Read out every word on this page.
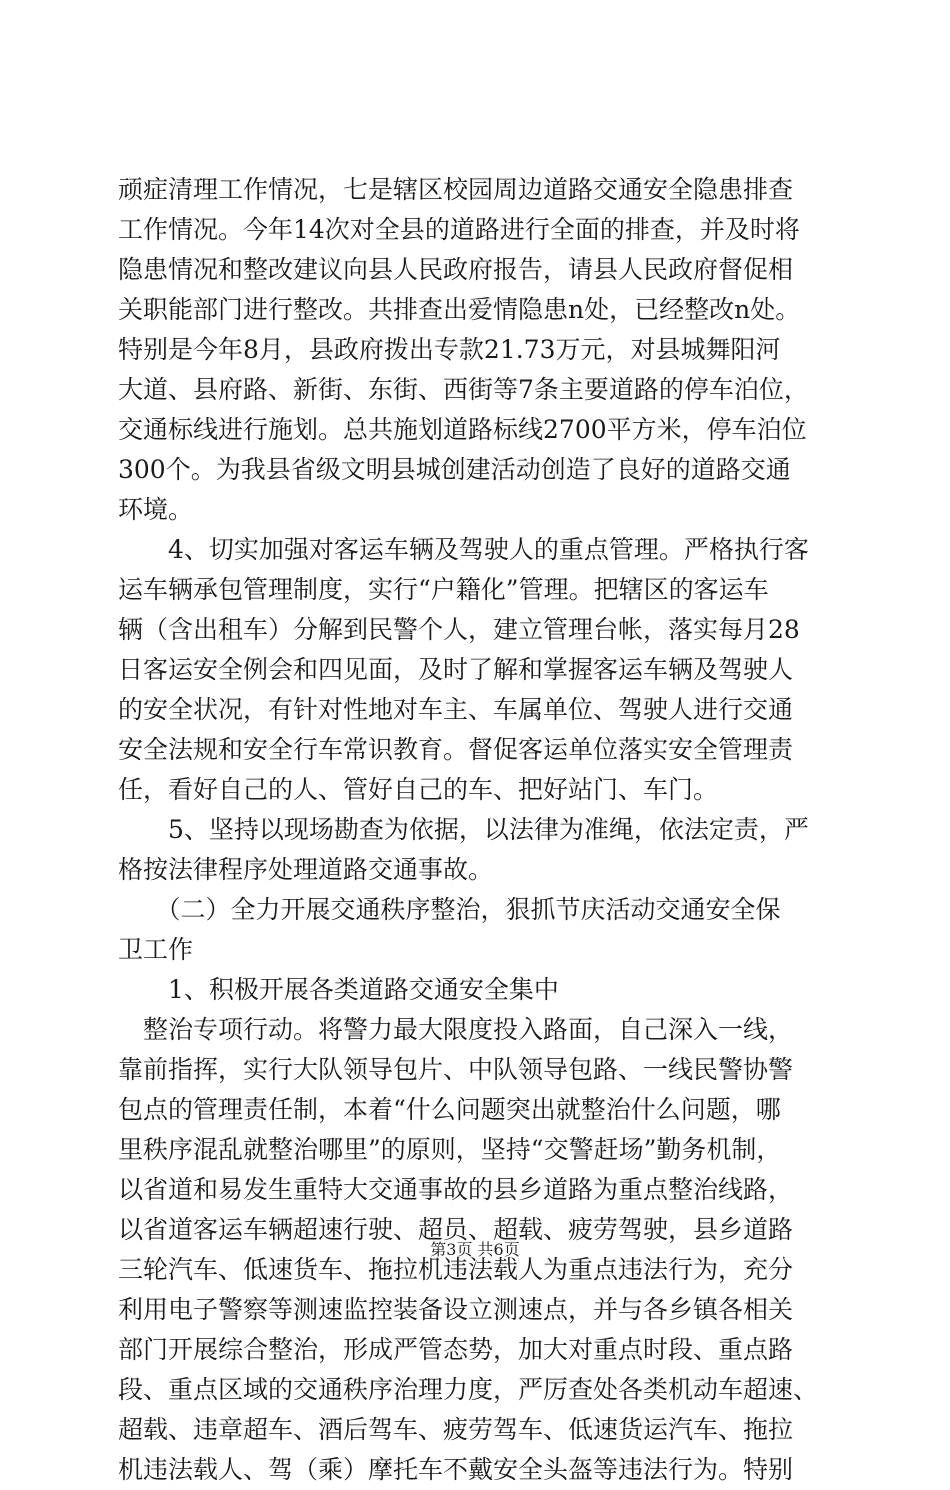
顽症清理工作情况，七是辖区校园周边道路交通安全隐患排查
工作情况。今年14次对全县的道路进行全面的排查，并及时将
隐患情况和整改建议向县人民政府报告，请县人民政府督促相
关职能部门进行整改。共排查出爱情隐患n处，已经整改n处。
特别是今年8月，县政府拨出专款21.73万元，对县城舞阳河
大道、县府路、新街、东街、西街等7条主要道路的停车泊位，
交通标线进行施划。总共施划道路标线2700平方米，停车泊位
300个。为我县省级文明县城创建活动创造了良好的道路交通
环境。
　　4、切实加强对客运车辆及驾驶人的重点管理。严格执行客
运车辆承包管理制度，实行“户籍化”管理。把辖区的客运车
辆（含出租车）分解到民警个人，建立管理台帐，落实每月28
日客运安全例会和四见面，及时了解和掌握客运车辆及驾驶人
的安全状况，有针对性地对车主、车属单位、驾驶人进行交通
安全法规和安全行车常识教育。督促客运单位落实安全管理责
任，看好自己的人、管好自己的车、把好站门、车门。
　　5、坚持以现场勘查为依据，以法律为准绳，依法定责，严
格按法律程序处理道路交通事故。
　　（二）全力开展交通秩序整治，狠抓节庆活动交通安全保
卫工作
　　1、积极开展各类道路交通安全集中
　整治专项行动。将警力最大限度投入路面，自己深入一线，
靠前指挥，实行大队领导包片、中队领导包路、一线民警协警
包点的管理责任制，本着“什么问题突出就整治什么问题，哪
里秩序混乱就整治哪里”的原则，坚持“交警赶场”勤务机制，
以省道和易发生重特大交通事故的县乡道路为重点整治线路，
以省道客运车辆超速行驶、超员、超载、疲劳驾驶，县乡道路
三轮汽车、低速货车、拖拉机违法载人为重点违法行为，充分
利用电子警察等测速监控装备设立测速点，并与各乡镇各相关
部门开展综合整治，形成严管态势，加大对重点时段、重点路
段、重点区域的交通秩序治理力度，严厉查处各类机动车超速、
超载、违章超车、酒后驾车、疲劳驾车、低速货运汽车、拖拉
机违法载人、驾（乘）摩托车不戴安全头盔等违法行为。特别
第3页 共6页
